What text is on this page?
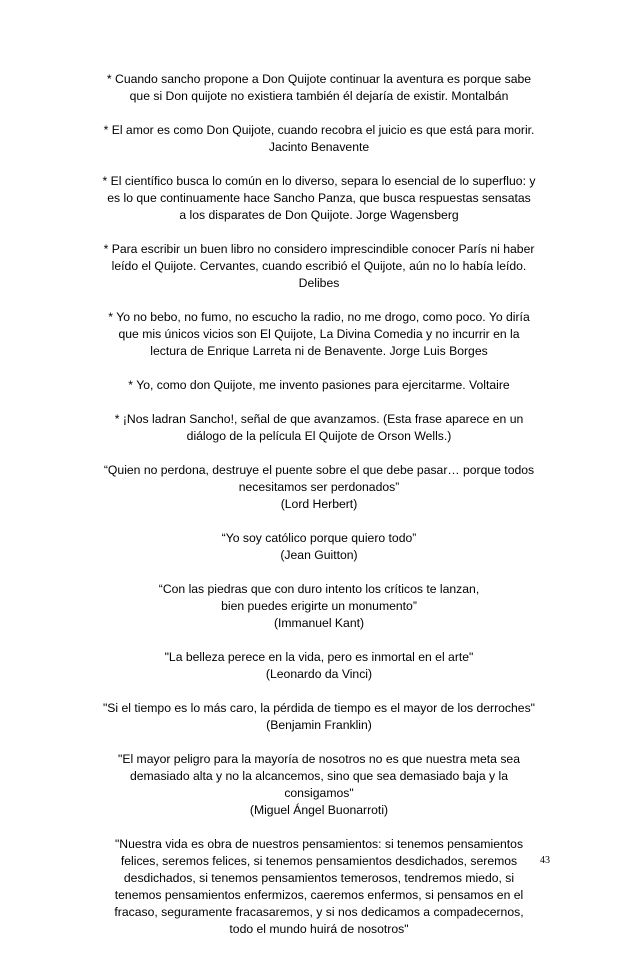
* Cuando sancho propone a Don Quijote continuar la aventura es porque sabe
que si Don quijote no existiera también él dejaría de existir. Montalbán
* El amor es como Don Quijote, cuando recobra el juicio es que está para morir.
Jacinto Benavente
* El científico busca lo común en lo diverso, separa lo esencial de lo superfluo: y
es lo que continuamente hace Sancho Panza, que busca respuestas sensatas
a los disparates de Don Quijote. Jorge Wagensberg
* Para escribir un buen libro no considero imprescindible conocer París ni haber
leído el Quijote. Cervantes, cuando escribió el Quijote, aún no lo había leído.
Delibes
* Yo no bebo, no fumo, no escucho la radio, no me drogo, como poco. Yo diría
que mis únicos vicios son El Quijote, La Divina Comedia y no incurrir en la
lectura de Enrique Larreta ni de Benavente. Jorge Luis Borges
* Yo, como don Quijote, me invento pasiones para ejercitarme. Voltaire
* ¡Nos ladran Sancho!, señal de que avanzamos. (Esta frase aparece en un
diálogo de la película El Quijote de Orson Wells.)
“Quien no perdona, destruye el puente sobre el que debe pasar… porque todos
necesitamos ser perdonados”
(Lord Herbert)
“Yo soy católico porque quiero todo”
(Jean Guitton)
“Con las piedras que con duro intento los críticos te lanzan,
bien puedes erigirte un monumento”
(Immanuel Kant)
"La belleza perece en la vida, pero es inmortal en el arte"
(Leonardo da Vinci)
"Si el tiempo es lo más caro, la pérdida de tiempo es el mayor de los derroches"
(Benjamin Franklin)
"El mayor peligro para la mayoría de nosotros no es que nuestra meta sea
demasiado alta y no la alcancemos, sino que sea demasiado baja y la
consigamos"
(Miguel Ángel Buonarroti)
"Nuestra vida es obra de nuestros pensamientos: si tenemos pensamientos
felices, seremos felices, si tenemos pensamientos desdichados, seremos
desdichados, si tenemos pensamientos temerosos, tendremos miedo, si
tenemos pensamientos enfermizos, caeremos enfermos, si pensamos en el
fracaso, seguramente fracasaremos, y si nos dedicamos a compadecernos,
todo el mundo huirá de nosotros"
43
